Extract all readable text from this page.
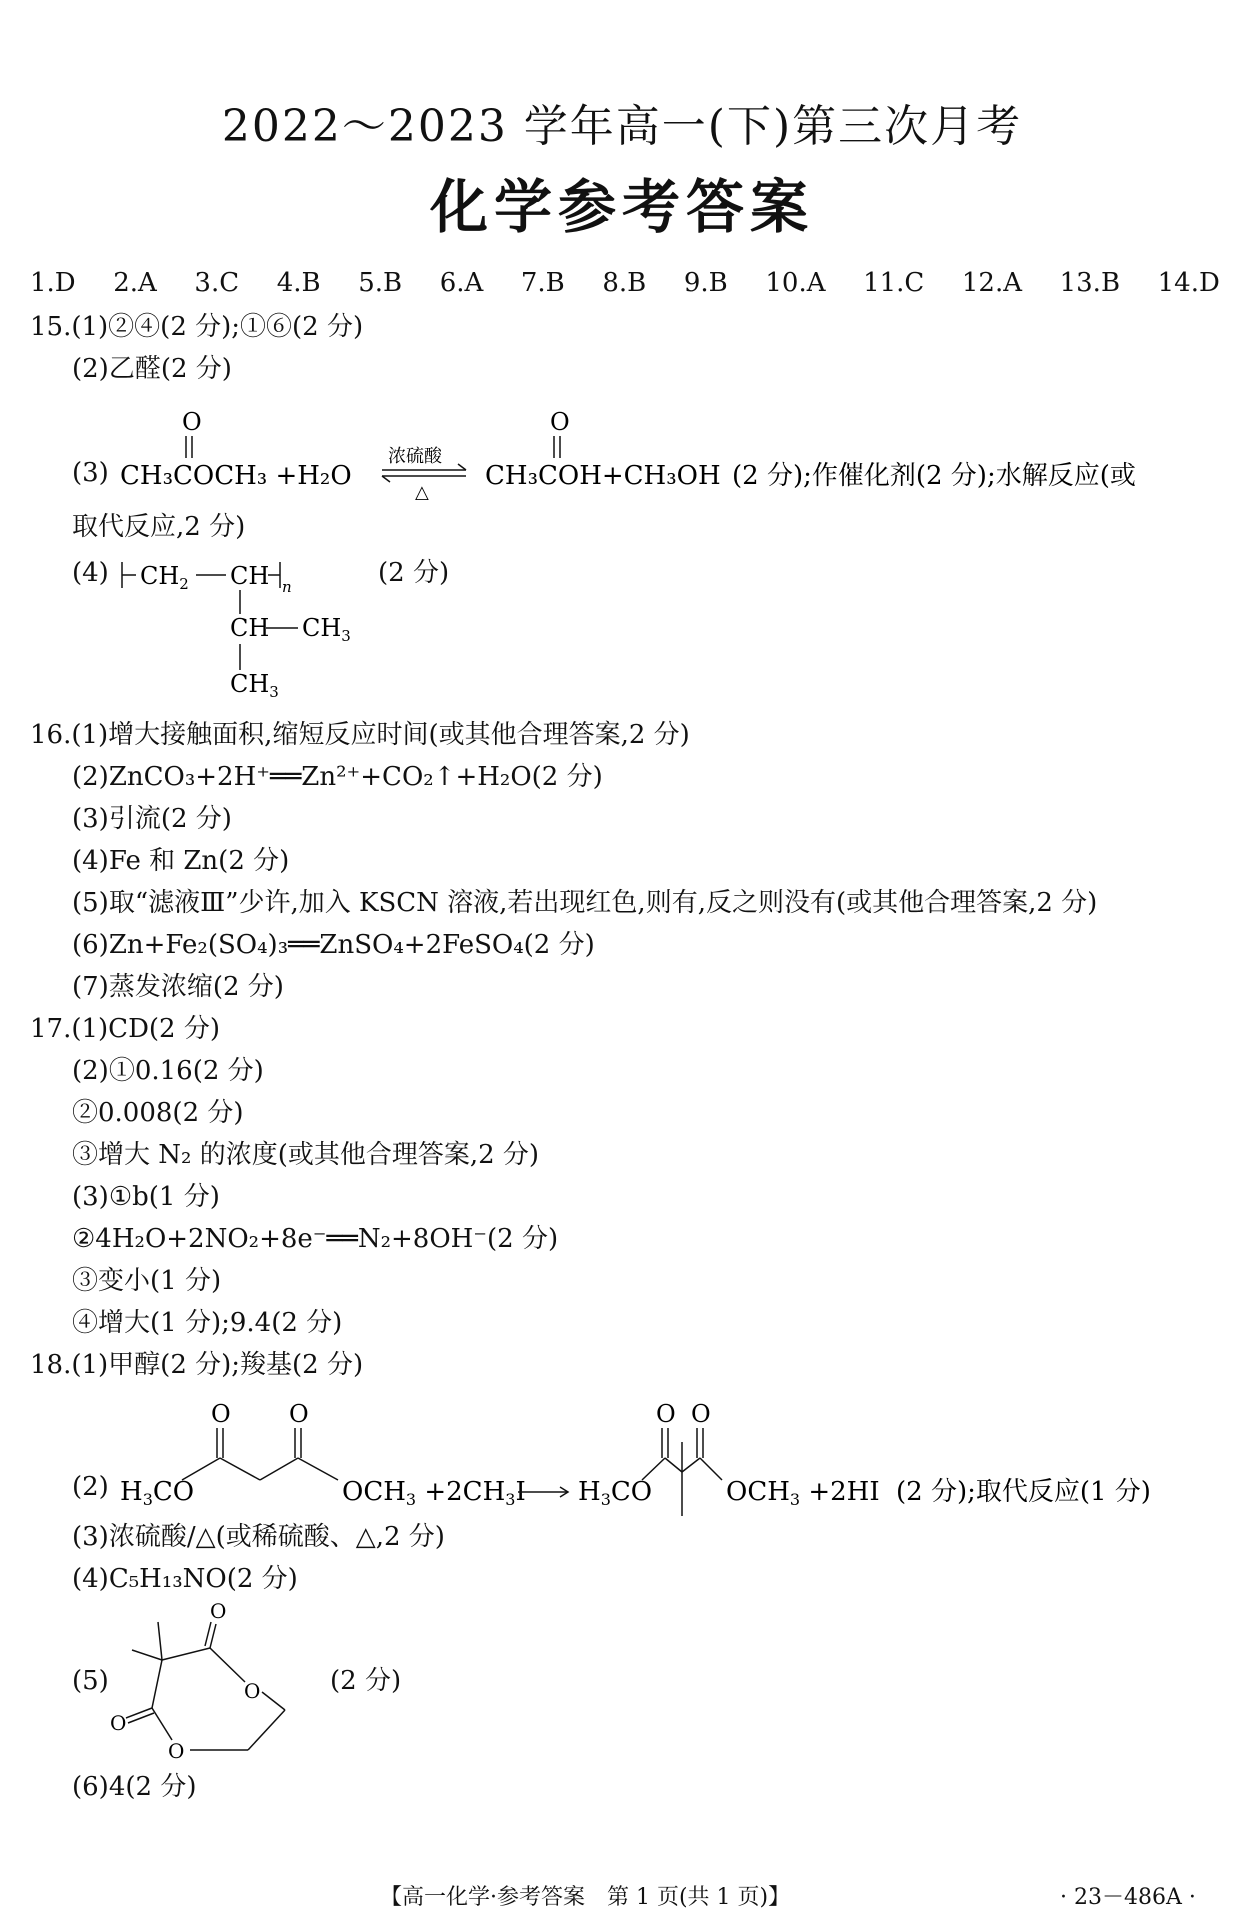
2022～2023 学年高一(下)第三次月考
化学参考答案
1.D 2.A 3.C 4.B 5.B 6.A 7.B 8.B 9.B 10.A 11.C 12.A 13.B 14.D
15.(1)②④(2 分);①⑥(2 分)
(2)乙醛(2 分)
(3)
O
CH₃COCH₃ +H₂O
浓硫酸
△
O
CH₃COH+CH₃OH (2 分);作催化剂(2 分);水解反应(或
取代反应,2 分)
(4) $CH_2$ CH n
CH $CH_3$
$CH_3$
(2 分)
16.(1)增大接触面积,缩短反应时间(或其他合理答案,2 分)
(2)ZnCO₃+2H⁺══Zn²⁺+CO₂↑+H₂O(2 分)
(3)引流(2 分)
(4)Fe 和 Zn(2 分)
(5)取“滤液Ⅲ”少许,加入 KSCN 溶液,若出现红色,则有,反之则没有(或其他合理答案,2 分)
(6)Zn+Fe₂(SO₄)₃══ZnSO₄+2FeSO₄(2 分)
(7)蒸发浓缩(2 分)
17.(1)CD(2 分)
(2)①0.16(2 分)
②0.008(2 分)
③增大 N₂ 的浓度(或其他合理答案,2 分)
(3)①b(1 分)
②4H₂O+2NO₂+8e⁻══N₂+8OH⁻(2 分)
③变小(1 分)
④增大(1 分);9.4(2 分)
18.(1)甲醇(2 分);羧基(2 分)
(2) H3CO
O O
OCH3 +2CH3I H3CO
O O
OCH3 +2HI (2 分);取代反应(1 分)
(3)浓硫酸/△(或稀硫酸、△,2 分)
(4)C₅H₁₃NO(2 分)
(5)
O
O
O
O
(2 分)
(6)4(2 分)
【高一化学·参考答案　第 1 页(共 1 页)】	· 23－486A ·
